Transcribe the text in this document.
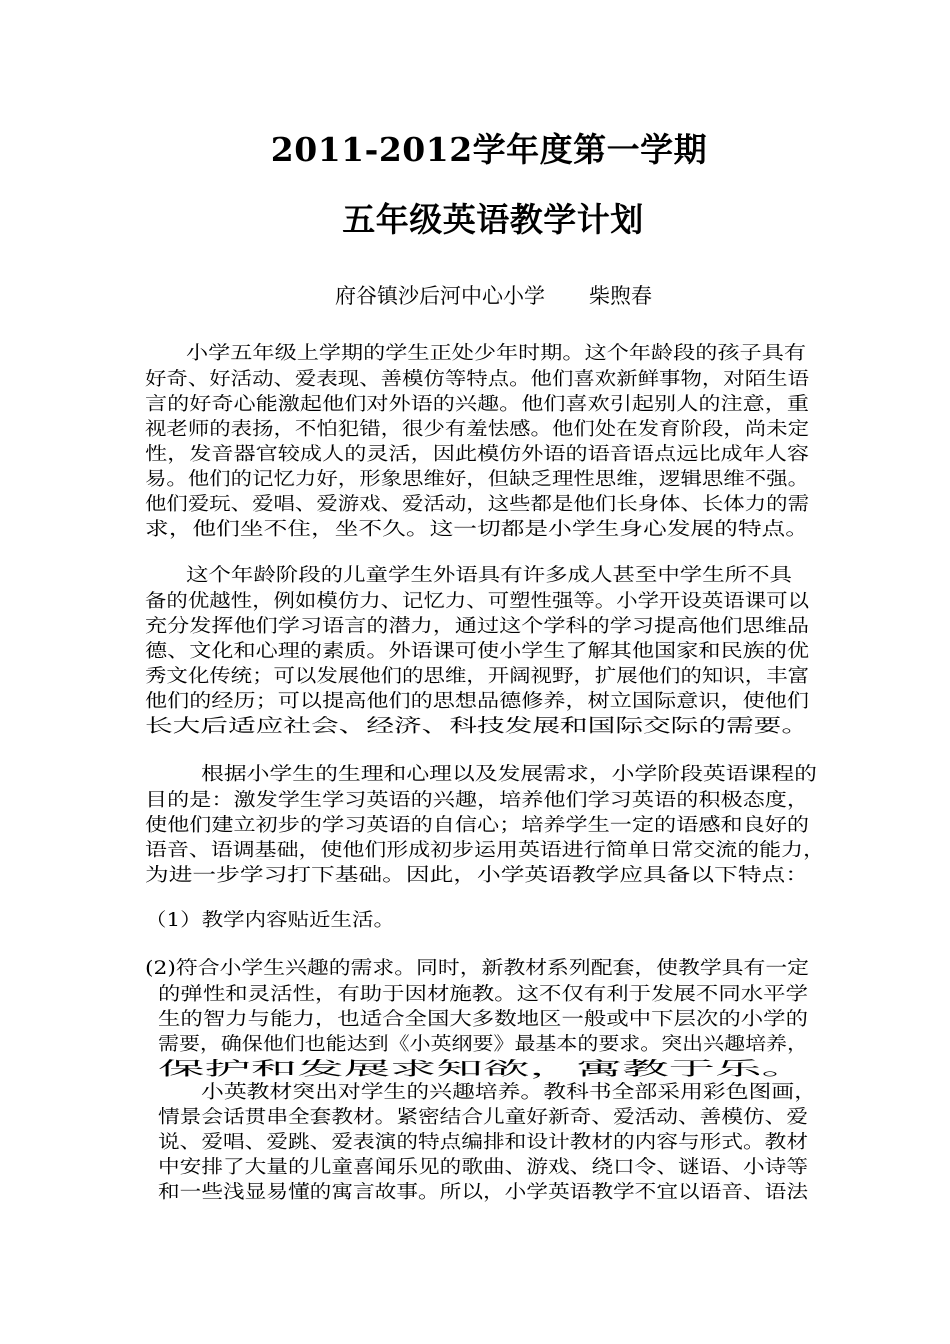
2011-2012学年度第一学期
五年级英语教学计划
府谷镇沙后河中心小学 柴煦春
小学五年级上学期的学生正处少年时期。这个年龄段的孩子具有
好奇、好活动、爱表现、善模仿等特点。他们喜欢新鲜事物，对陌生语
言的好奇心能激起他们对外语的兴趣。他们喜欢引起别人的注意，重
视老师的表扬，不怕犯错，很少有羞怯感。他们处在发育阶段，尚未定
性，发音器官较成人的灵活，因此模仿外语的语音语点远比成年人容
易。他们的记忆力好，形象思维好，但缺乏理性思维，逻辑思维不强。
他们爱玩、爱唱、爱游戏、爱活动，这些都是他们长身体、长体力的需
求，他们坐不住，坐不久。这一切都是小学生身心发展的特点。
这个年龄阶段的儿童学生外语具有许多成人甚至中学生所不具
备的优越性，例如模仿力、记忆力、可塑性强等。小学开设英语课可以
充分发挥他们学习语言的潜力，通过这个学科的学习提高他们思维品
德、文化和心理的素质。外语课可使小学生了解其他国家和民族的优
秀文化传统；可以发展他们的思维，开阔视野，扩展他们的知识，丰富
他们的经历；可以提高他们的思想品德修养，树立国际意识，使他们
长大后适应社会、经济、科技发展和国际交际的需要。
根据小学生的生理和心理以及发展需求，小学阶段英语课程的
目的是：激发学生学习英语的兴趣，培养他们学习英语的积极态度，
使他们建立初步的学习英语的自信心；培养学生一定的语感和良好的
语音、语调基础，使他们形成初步运用英语进行简单日常交流的能力，
为进一步学习打下基础。因此，小学英语教学应具备以下特点：
（1）教学内容贴近生活。
(2)符合小学生兴趣的需求。同时，新教材系列配套，使教学具有一定
的弹性和灵活性，有助于因材施教。这不仅有利于发展不同水平学
生的智力与能力，也适合全国大多数地区一般或中下层次的小学的
需要，确保他们也能达到《小英纲要》最基本的要求。突出兴趣培养，
保护和发展求知欲，寓教于乐。
小英教材突出对学生的兴趣培养。教科书全部采用彩色图画，
情景会话贯串全套教材。紧密结合儿童好新奇、爱活动、善模仿、爱
说、爱唱、爱跳、爱表演的特点编排和设计教材的内容与形式。教材
中安排了大量的儿童喜闻乐见的歌曲、游戏、绕口令、谜语、小诗等
和一些浅显易懂的寓言故事。所以，小学英语教学不宜以语音、语法
